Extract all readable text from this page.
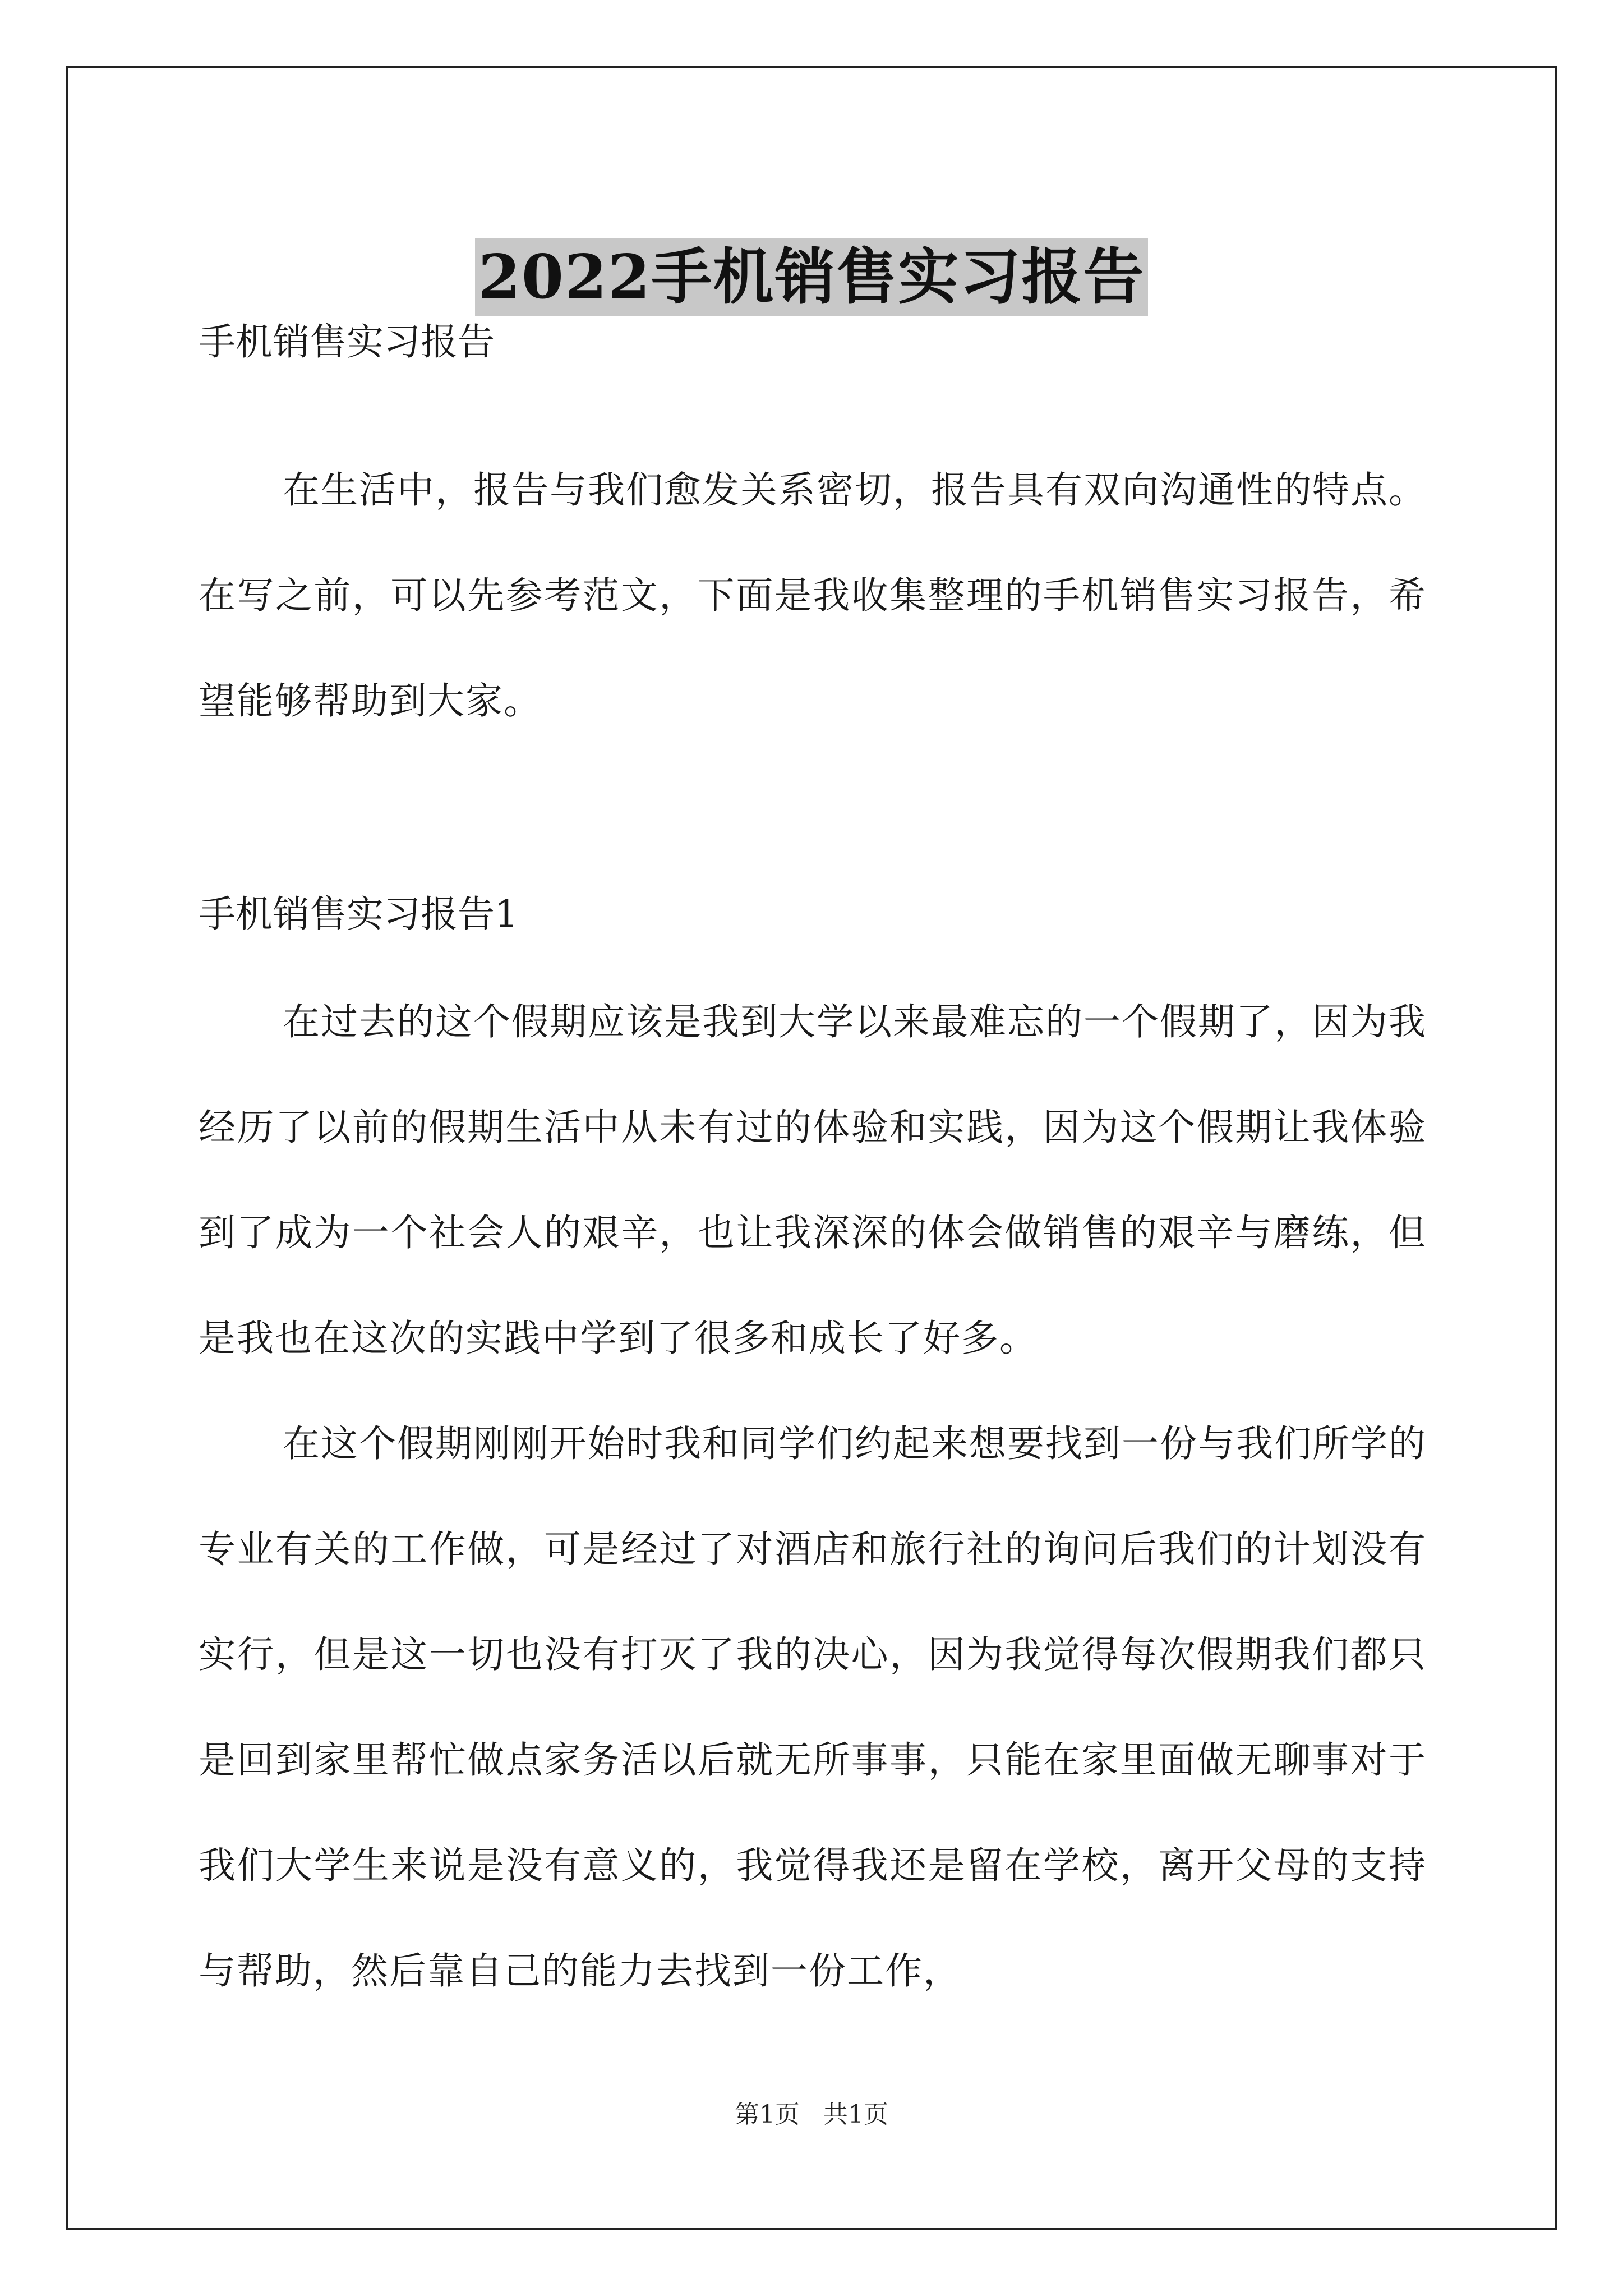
2022手机销售实习报告

手机销售实习报告

在生活中，报告与我们愈发关系密切，报告具有双向沟通性的特点。在写之前，可以先参考范文，下面是我收集整理的手机销售实习报告，希望能够帮助到大家。

手机销售实习报告1

在过去的这个假期应该是我到大学以来最难忘的一个假期了，因为我经历了以前的假期生活中从未有过的体验和实践，因为这个假期让我体验到了成为一个社会人的艰辛，也让我深深的体会做销售的艰辛与磨练，但是我也在这次的实践中学到了很多和成长了好多。

在这个假期刚刚开始时我和同学们约起来想要找到一份与我们所学的专业有关的工作做，可是经过了对酒店和旅行社的询问后我们的计划没有实行，但是这一切也没有打灭了我的决心，因为我觉得每次假期我们都只是回到家里帮忙做点家务活以后就无所事事，只能在家里面做无聊事对于我们大学生来说是没有意义的，我觉得我还是留在学校，离开父母的支持与帮助，然后靠自己的能力去找到一份工作，

第1页 共1页
